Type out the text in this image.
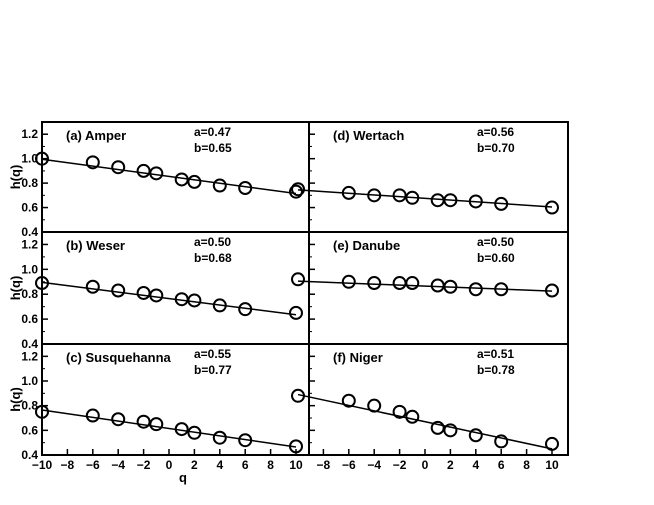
0.4
0.6
0.8
1.0
1.2 (a) Amper	a=0.47
b=0.65
0.4
0.6
0.8
1.0
1.2 (b) Weser	a=0.50
b=0.68
0.4
0.6
0.8
1.0
1.2
−10 −8 −6 −4 −2 0 2 4 6 8 10
(c) Susquehanna a=0.55
b=0.77
(d) Wertach	a=0.56
b=0.70
(e) Danube	a=0.50
b=0.60
−8 −6 −4 −2 0 2 4 6 8 10
(f) Niger	a=0.51
b=0.78
h(q)
h(q)
h(q)
q
